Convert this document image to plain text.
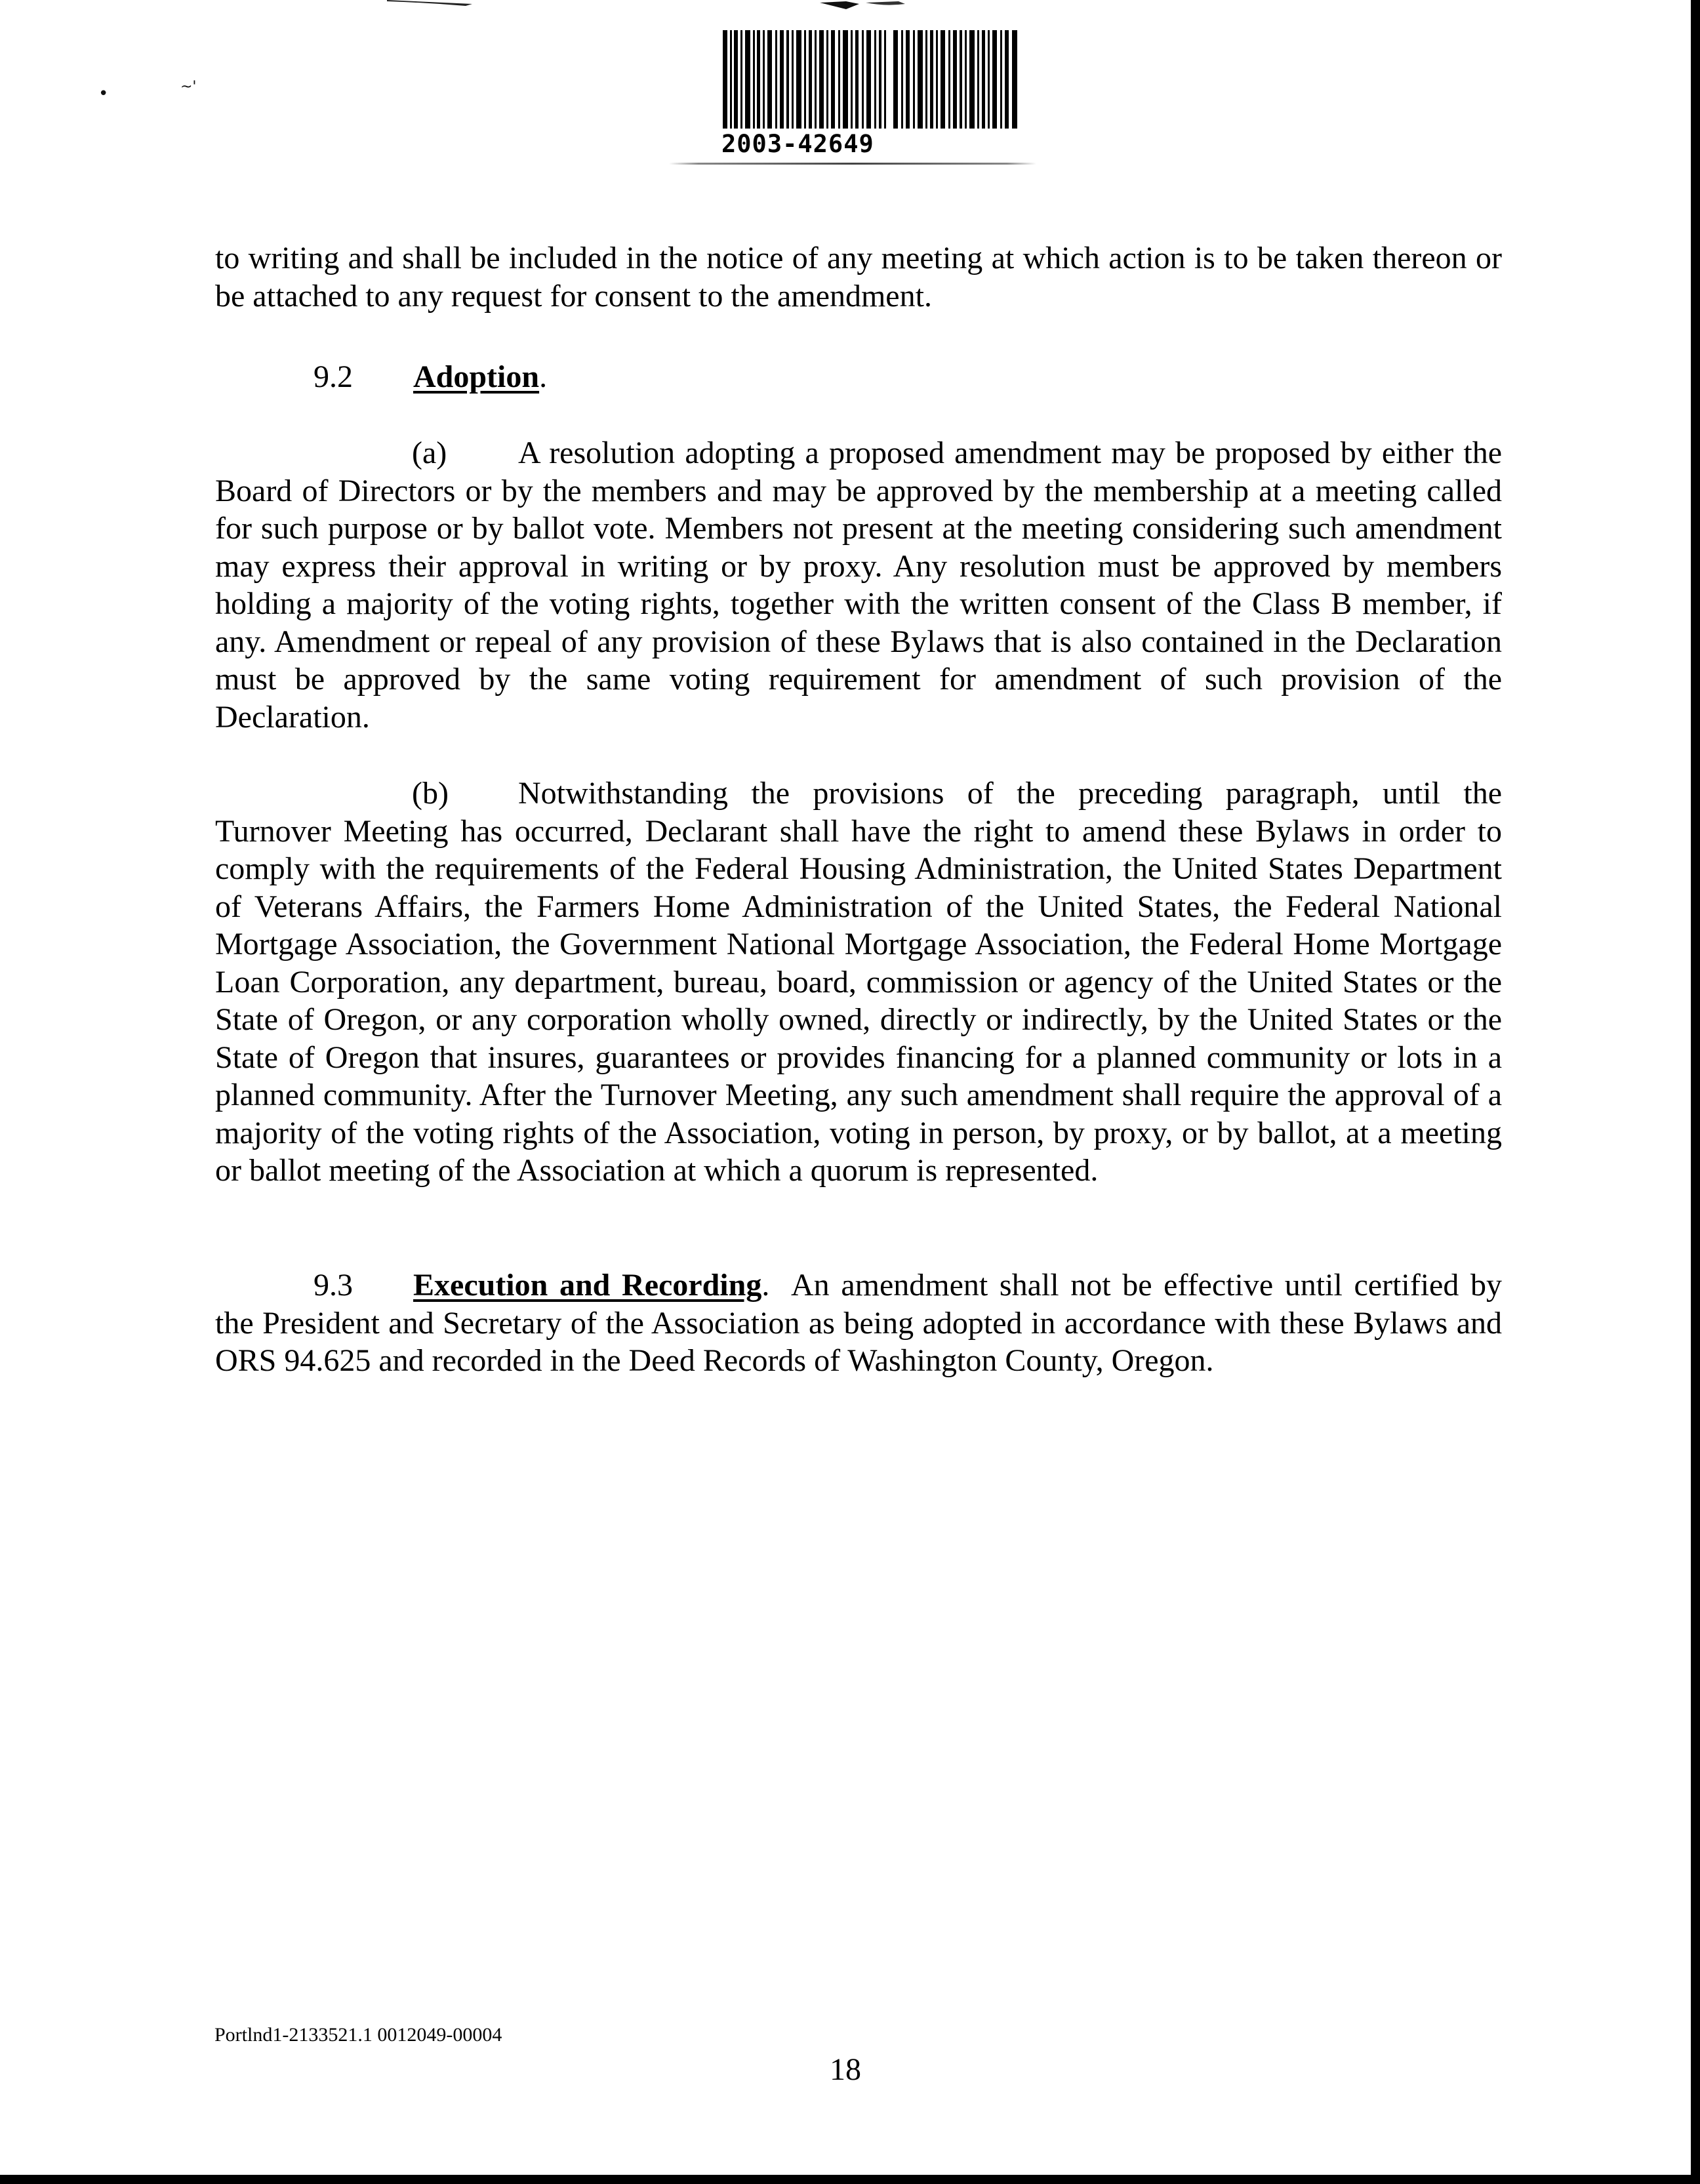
•	~'
2003-42649

to writing and shall be included in the notice of any meeting at which action is to be taken thereon or be attached to any request for consent to the amendment.

9.2 Adoption.

(a) A resolution adopting a proposed amendment may be proposed by either the Board of Directors or by the members and may be approved by the membership at a meeting called for such purpose or by ballot vote. Members not present at the meeting considering such amendment may express their approval in writing or by proxy. Any resolution must be approved by members holding a majority of the voting rights, together with the written consent of the Class B member, if any. Amendment or repeal of any provision of these Bylaws that is also contained in the Declaration must be approved by the same voting requirement for amendment of such provision of the Declaration.

(b) Notwithstanding the provisions of the preceding paragraph, until the Turnover Meeting has occurred, Declarant shall have the right to amend these Bylaws in order to comply with the requirements of the Federal Housing Administration, the United States Department of Veterans Affairs, the Farmers Home Administration of the United States, the Federal National Mortgage Association, the Government National Mortgage Association, the Federal Home Mortgage Loan Corporation, any department, bureau, board, commission or agency of the United States or the State of Oregon, or any corporation wholly owned, directly or indirectly, by the United States or the State of Oregon that insures, guarantees or provides financing for a planned community or lots in a planned community. After the Turnover Meeting, any such amendment shall require the approval of a majority of the voting rights of the Association, voting in person, by proxy, or by ballot, at a meeting or ballot meeting of the Association at which a quorum is represented.

9.3 Execution and Recording. An amendment shall not be effective until certified by the President and Secretary of the Association as being adopted in accordance with these Bylaws and ORS 94.625 and recorded in the Deed Records of Washington County, Oregon.

Portlnd1-2133521.1 0012049-00004
18
